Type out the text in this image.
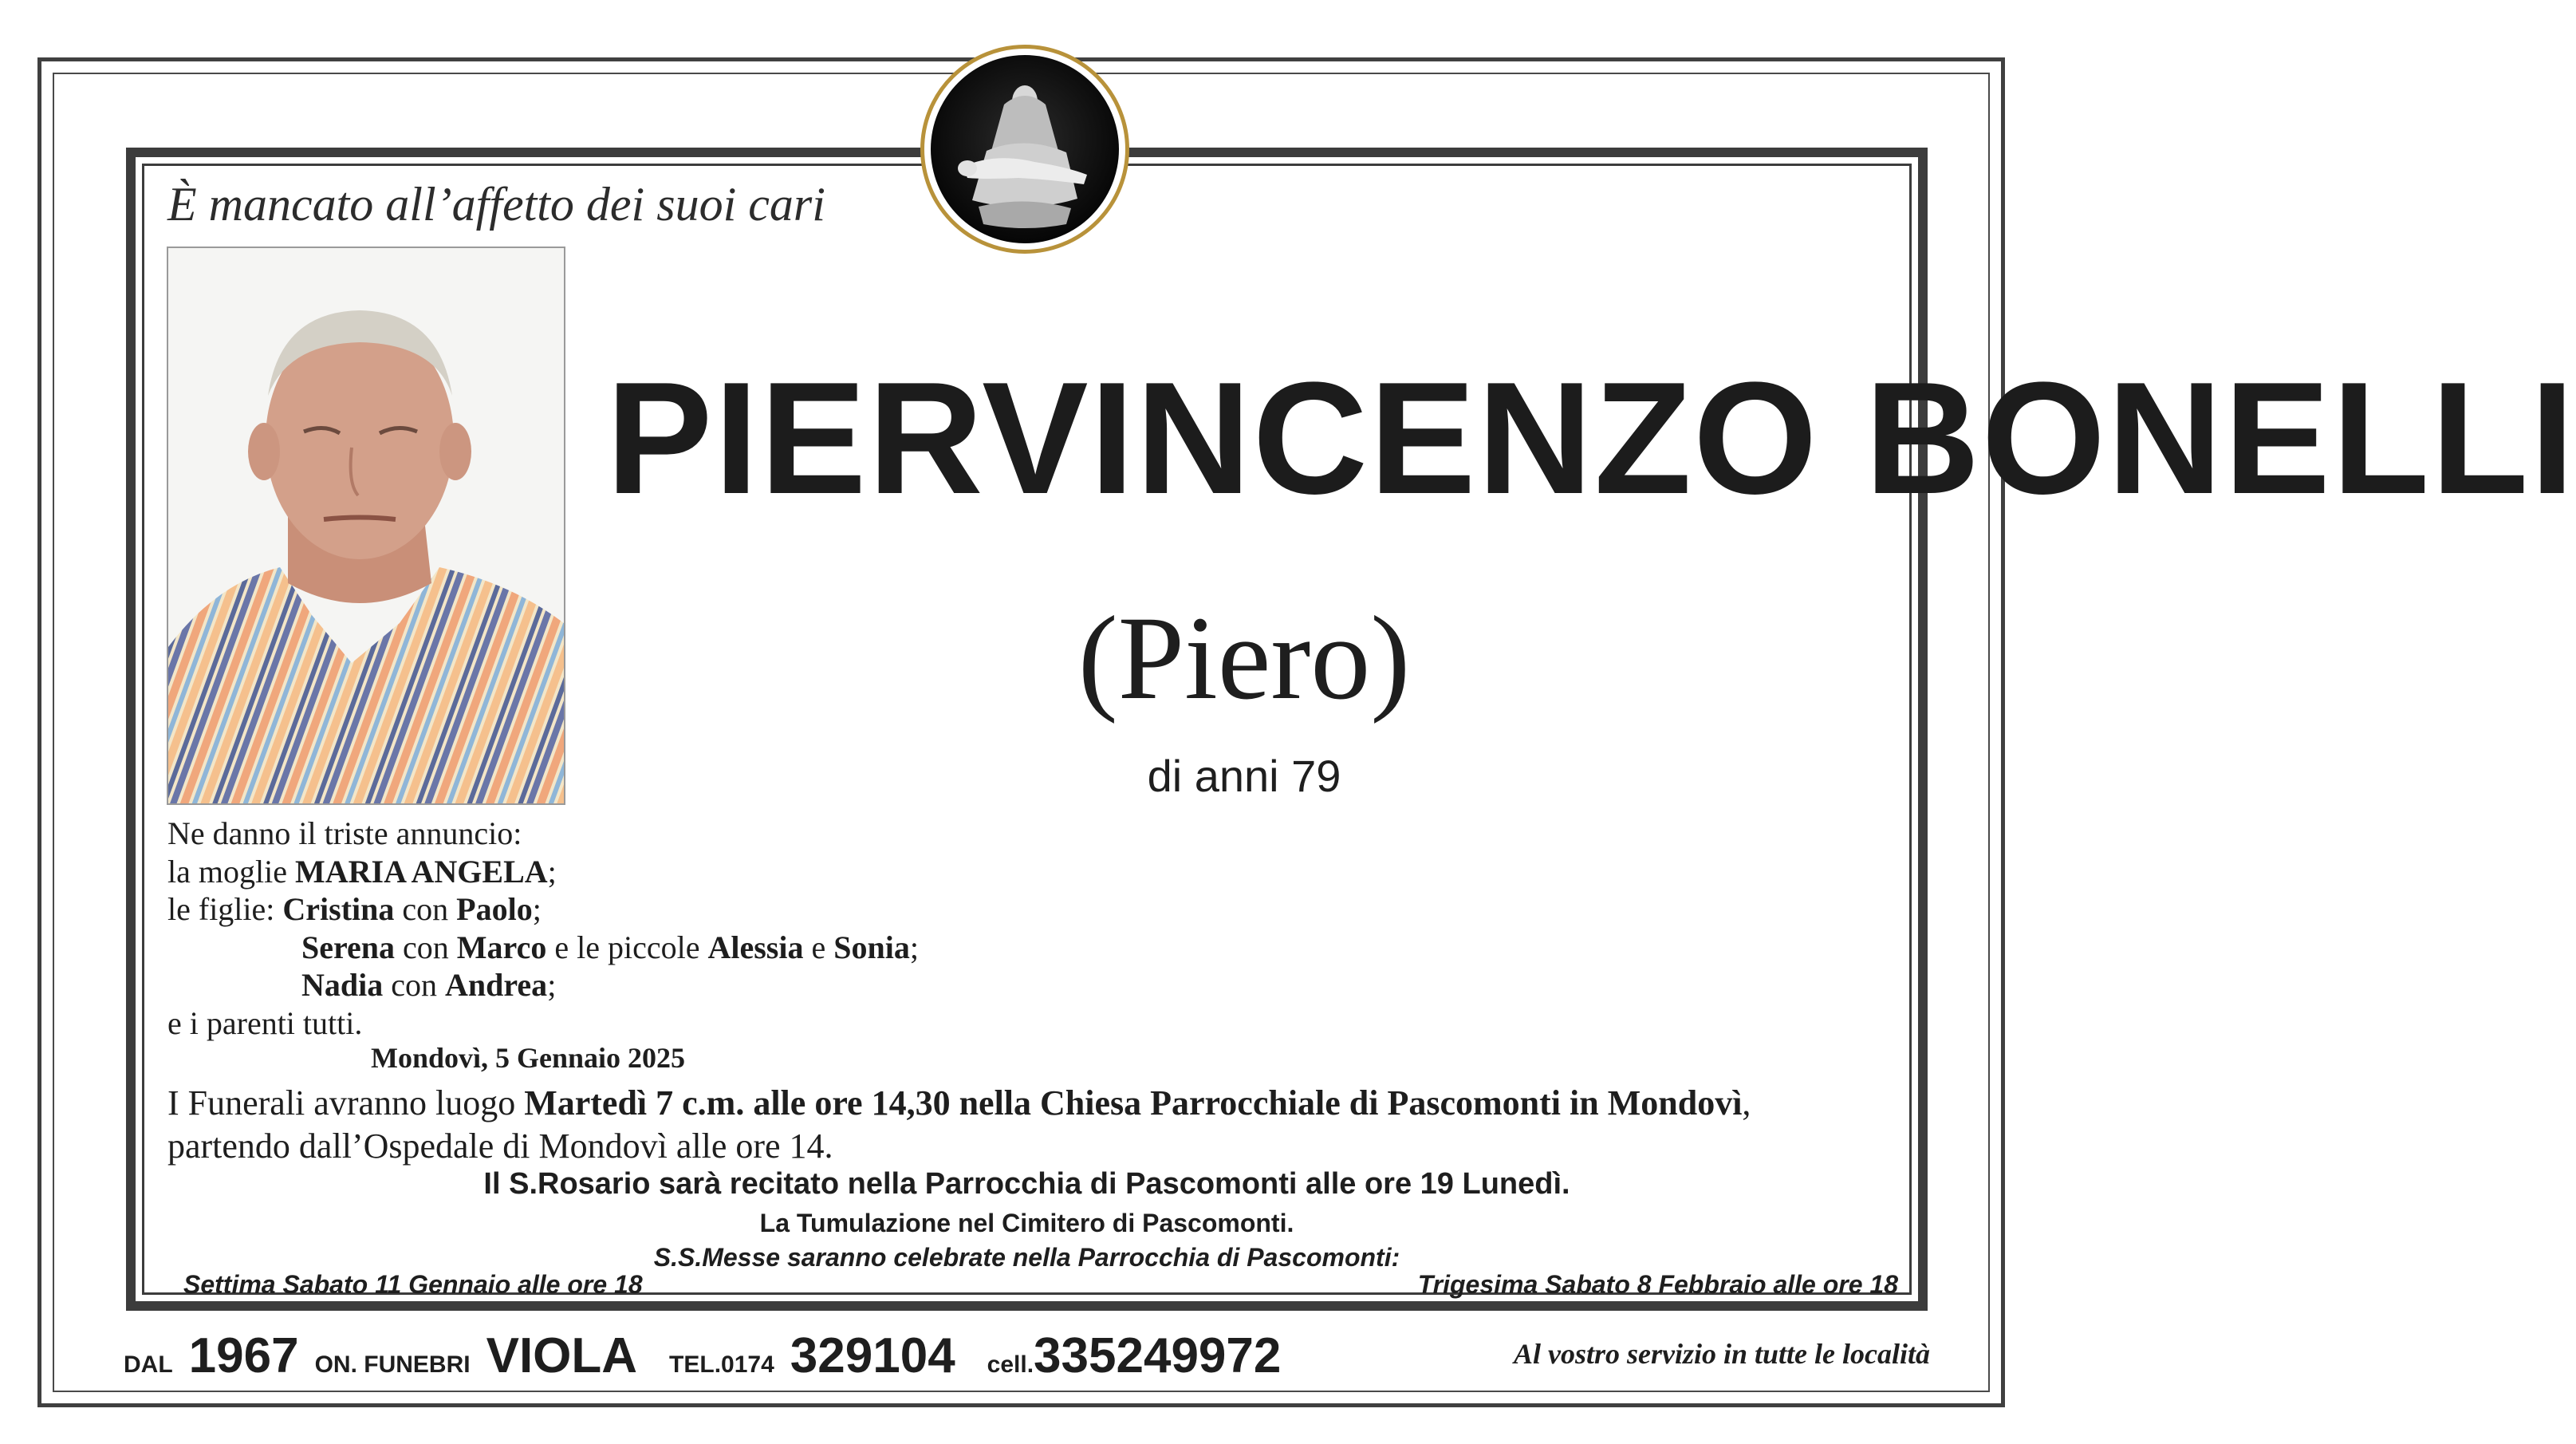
È mancato all’affetto dei suoi cari
PIERVINCENZO BONELLI
(Piero)
di anni 79
Ne danno il triste annuncio:
la moglie MARIA ANGELA;
le figlie: Cristina con Paolo;
Serena con Marco e le piccole Alessia e Sonia;
Nadia con Andrea;
e i parenti tutti.
Mondovì, 5 Gennaio 2025
I Funerali avranno luogo Martedì 7 c.m. alle ore 14,30 nella Chiesa Parrocchiale di Pascomonti in Mondovì,
partendo dall’Ospedale di Mondovì alle ore 14.
Il S.Rosario sarà recitato nella Parrocchia di Pascomonti alle ore 19 Lunedì.
La Tumulazione nel Cimitero di Pascomonti.
S.S.Messe saranno celebrate nella Parrocchia di Pascomonti:
Settima Sabato 11 Gennaio alle ore 18	Trigesima Sabato 8 Febbraio alle ore 18
DAL 1967 ON. FUNEBRI VIOLA TEL.0174 329104 cell. 335249972	Al vostro servizio in tutte le località
